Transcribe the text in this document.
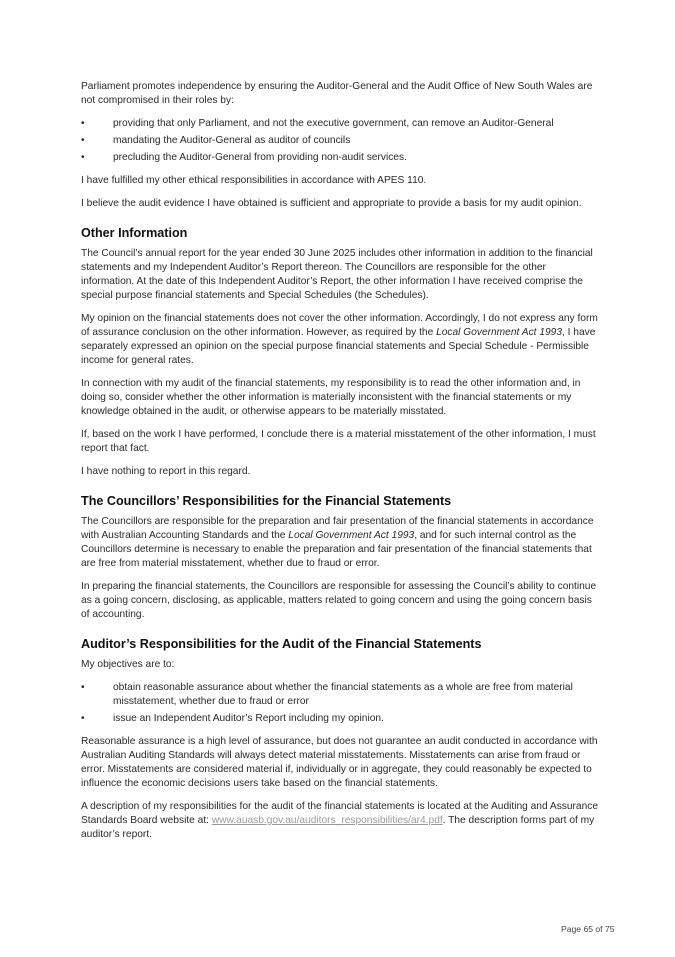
Parliament promotes independence by ensuring the Auditor-General and the Audit Office of New South Wales are not compromised in their roles by:

•	providing that only Parliament, and not the executive government, can remove an Auditor-General
•	mandating the Auditor-General as auditor of councils
•	precluding the Auditor-General from providing non-audit services.

I have fulfilled my other ethical responsibilities in accordance with APES 110.

I believe the audit evidence I have obtained is sufficient and appropriate to provide a basis for my audit opinion.

Other Information

The Council’s annual report for the year ended 30 June 2025 includes other information in addition to the financial statements and my Independent Auditor’s Report thereon. The Councillors are responsible for the other information. At the date of this Independent Auditor’s Report, the other information I have received comprise the special purpose financial statements and Special Schedules (the Schedules).

My opinion on the financial statements does not cover the other information. Accordingly, I do not express any form of assurance conclusion on the other information. However, as required by the Local Government Act 1993, I have separately expressed an opinion on the special purpose financial statements and Special Schedule - Permissible income for general rates.

In connection with my audit of the financial statements, my responsibility is to read the other information and, in doing so, consider whether the other information is materially inconsistent with the financial statements or my knowledge obtained in the audit, or otherwise appears to be materially misstated.

If, based on the work I have performed, I conclude there is a material misstatement of the other information, I must report that fact.

I have nothing to report in this regard.

The Councillors’ Responsibilities for the Financial Statements

The Councillors are responsible for the preparation and fair presentation of the financial statements in accordance with Australian Accounting Standards and the Local Government Act 1993, and for such internal control as the Councillors determine is necessary to enable the preparation and fair presentation of the financial statements that are free from material misstatement, whether due to fraud or error.

In preparing the financial statements, the Councillors are responsible for assessing the Council’s ability to continue as a going concern, disclosing, as applicable, matters related to going concern and using the going concern basis of accounting.

Auditor’s Responsibilities for the Audit of the Financial Statements

My objectives are to:

•	obtain reasonable assurance about whether the financial statements as a whole are free from material misstatement, whether due to fraud or error
•	issue an Independent Auditor’s Report including my opinion.

Reasonable assurance is a high level of assurance, but does not guarantee an audit conducted in accordance with Australian Auditing Standards will always detect material misstatements. Misstatements can arise from fraud or error. Misstatements are considered material if, individually or in aggregate, they could reasonably be expected to influence the economic decisions users take based on the financial statements.

A description of my responsibilities for the audit of the financial statements is located at the Auditing and Assurance Standards Board website at: www.auasb.gov.au/auditors_responsibilities/ar4.pdf. The description forms part of my auditor’s report.

Page 65 of 75
